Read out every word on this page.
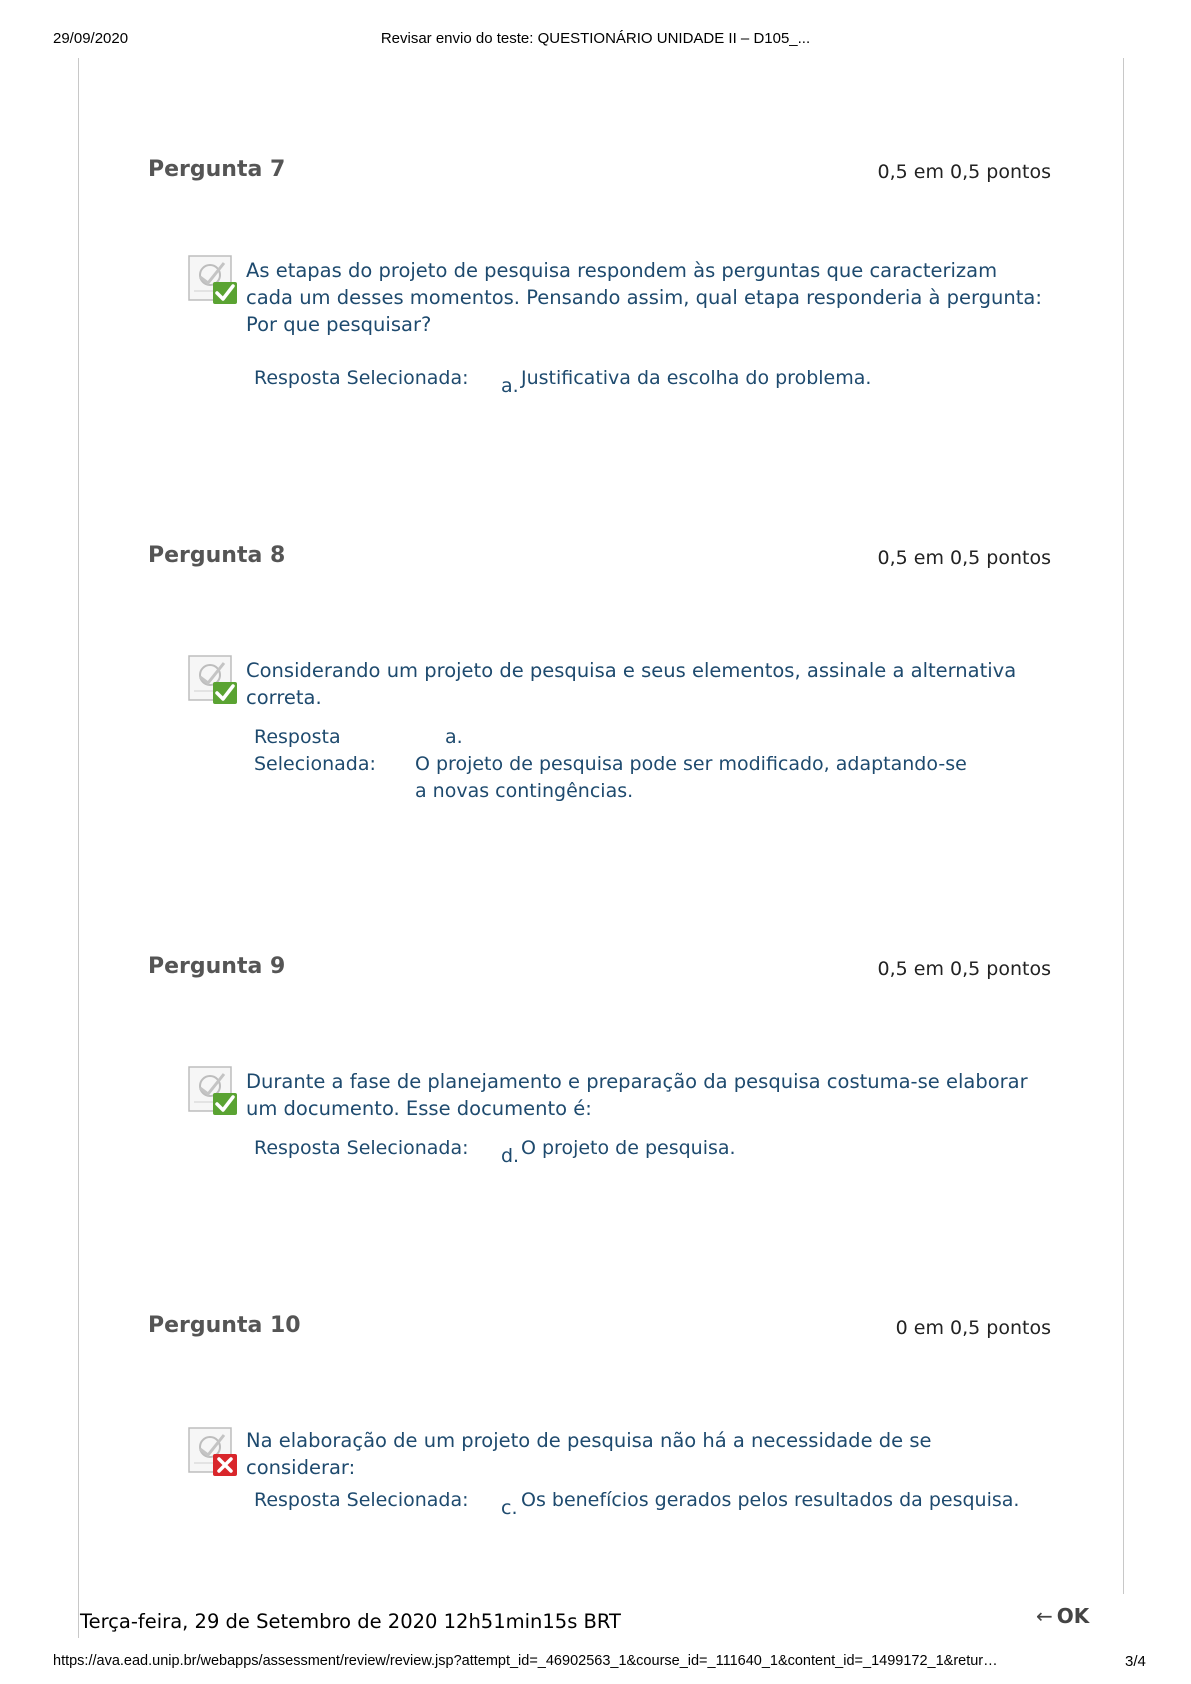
29/09/2020	Revisar envio do teste: QUESTIONÁRIO UNIDADE II – D105_...
Pergunta 7	0,5 em 0,5 pontos
As etapas do projeto de pesquisa respondem às perguntas que caracterizam cada um desses momentos. Pensando assim, qual etapa responderia à pergunta: Por que pesquisar?
Resposta Selecionada: a. Justificativa da escolha do problema.
Pergunta 8	0,5 em 0,5 pontos
Considerando um projeto de pesquisa e seus elementos, assinale a alternativa correta.
Resposta Selecionada:
a.
O projeto de pesquisa pode ser modificado, adaptando-se a novas contingências.
Pergunta 9	0,5 em 0,5 pontos
Durante a fase de planejamento e preparação da pesquisa costuma-se elaborar um documento. Esse documento é:
Resposta Selecionada: d. O projeto de pesquisa.
Pergunta 10	0 em 0,5 pontos
Na elaboração de um projeto de pesquisa não há a necessidade de se considerar:
Resposta Selecionada: c. Os benefícios gerados pelos resultados da pesquisa.
Terça-feira, 29 de Setembro de 2020 12h51min15s BRT	← OK
https://ava.ead.unip.br/webapps/assessment/review/review.jsp?attempt_id=_46902563_1&course_id=_111640_1&content_id=_1499172_1&retur…	3/4
